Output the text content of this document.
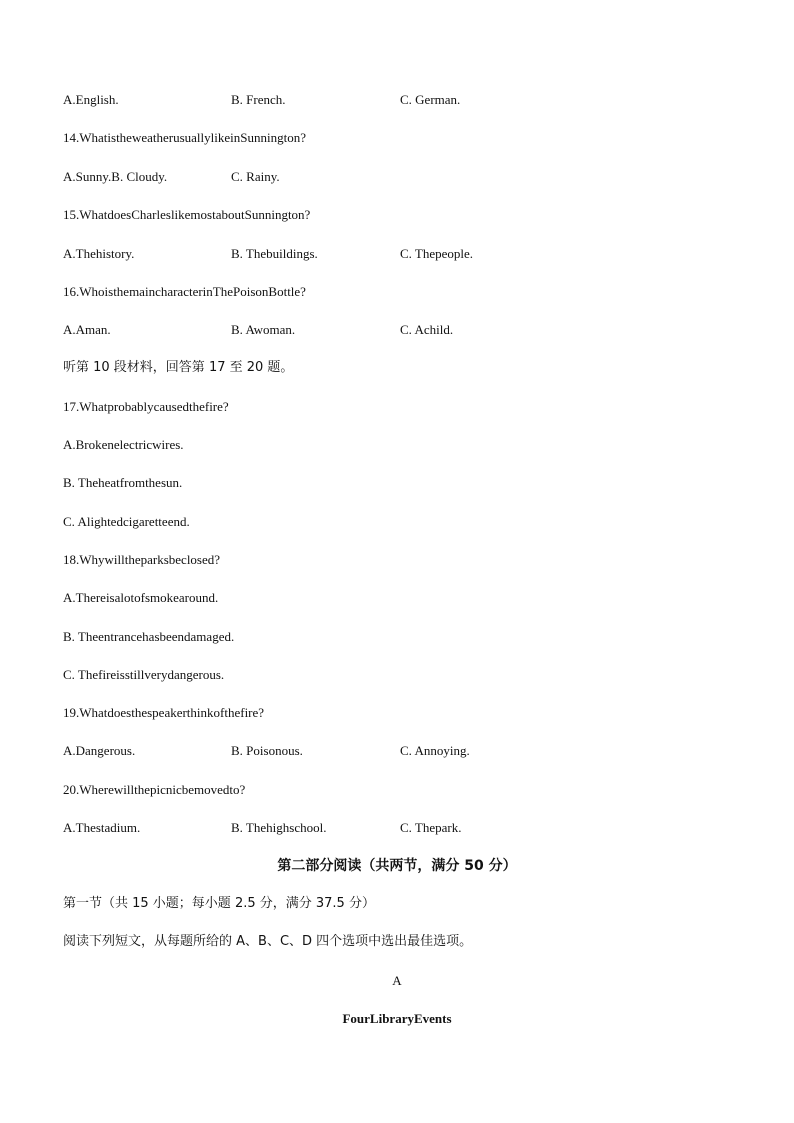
A.English.	B. French.	C. German.
14.WhatistheweatherusuallylikeinSunnington?
A.Sunny.B. Cloudy.	C. Rainy.
15.WhatdoesCharleslikemostaboutSunnington?
A.Thehistory.	B. Thebuildings.	C. Thepeople.
16.WhoisthemaincharacterinThePoisonBottle?
A.Aman.	B. Awoman.	C. Achild.
听第 10 段材料，回答第 17 至 20 题。
17.Whatprobablycausedthefire?
A.Brokenelectricwires.
B. Theheatfromthesun.
C. Alightedcigaretteend.
18.Whywilltheparksbeclosed?
A.Thereisalotofsmokearound.
B. Theentrancehasbeendamaged.
C. Thefireisstillverydangerous.
19.Whatdoesthespeakerthinkofthefire?
A.Dangerous.	B. Poisonous.	C. Annoying.
20.Wherewillthepicnicbemovedto?
A.Thestadium.	B. Thehighschool.	C. Thepark.
第二部分阅读（共两节，满分 50 分）
第一节（共 15 小题；每小题 2.5 分，满分 37.5 分）
阅读下列短文，从每题所给的 A、B、C、D 四个选项中选出最佳选项。
A
FourLibraryEvents
